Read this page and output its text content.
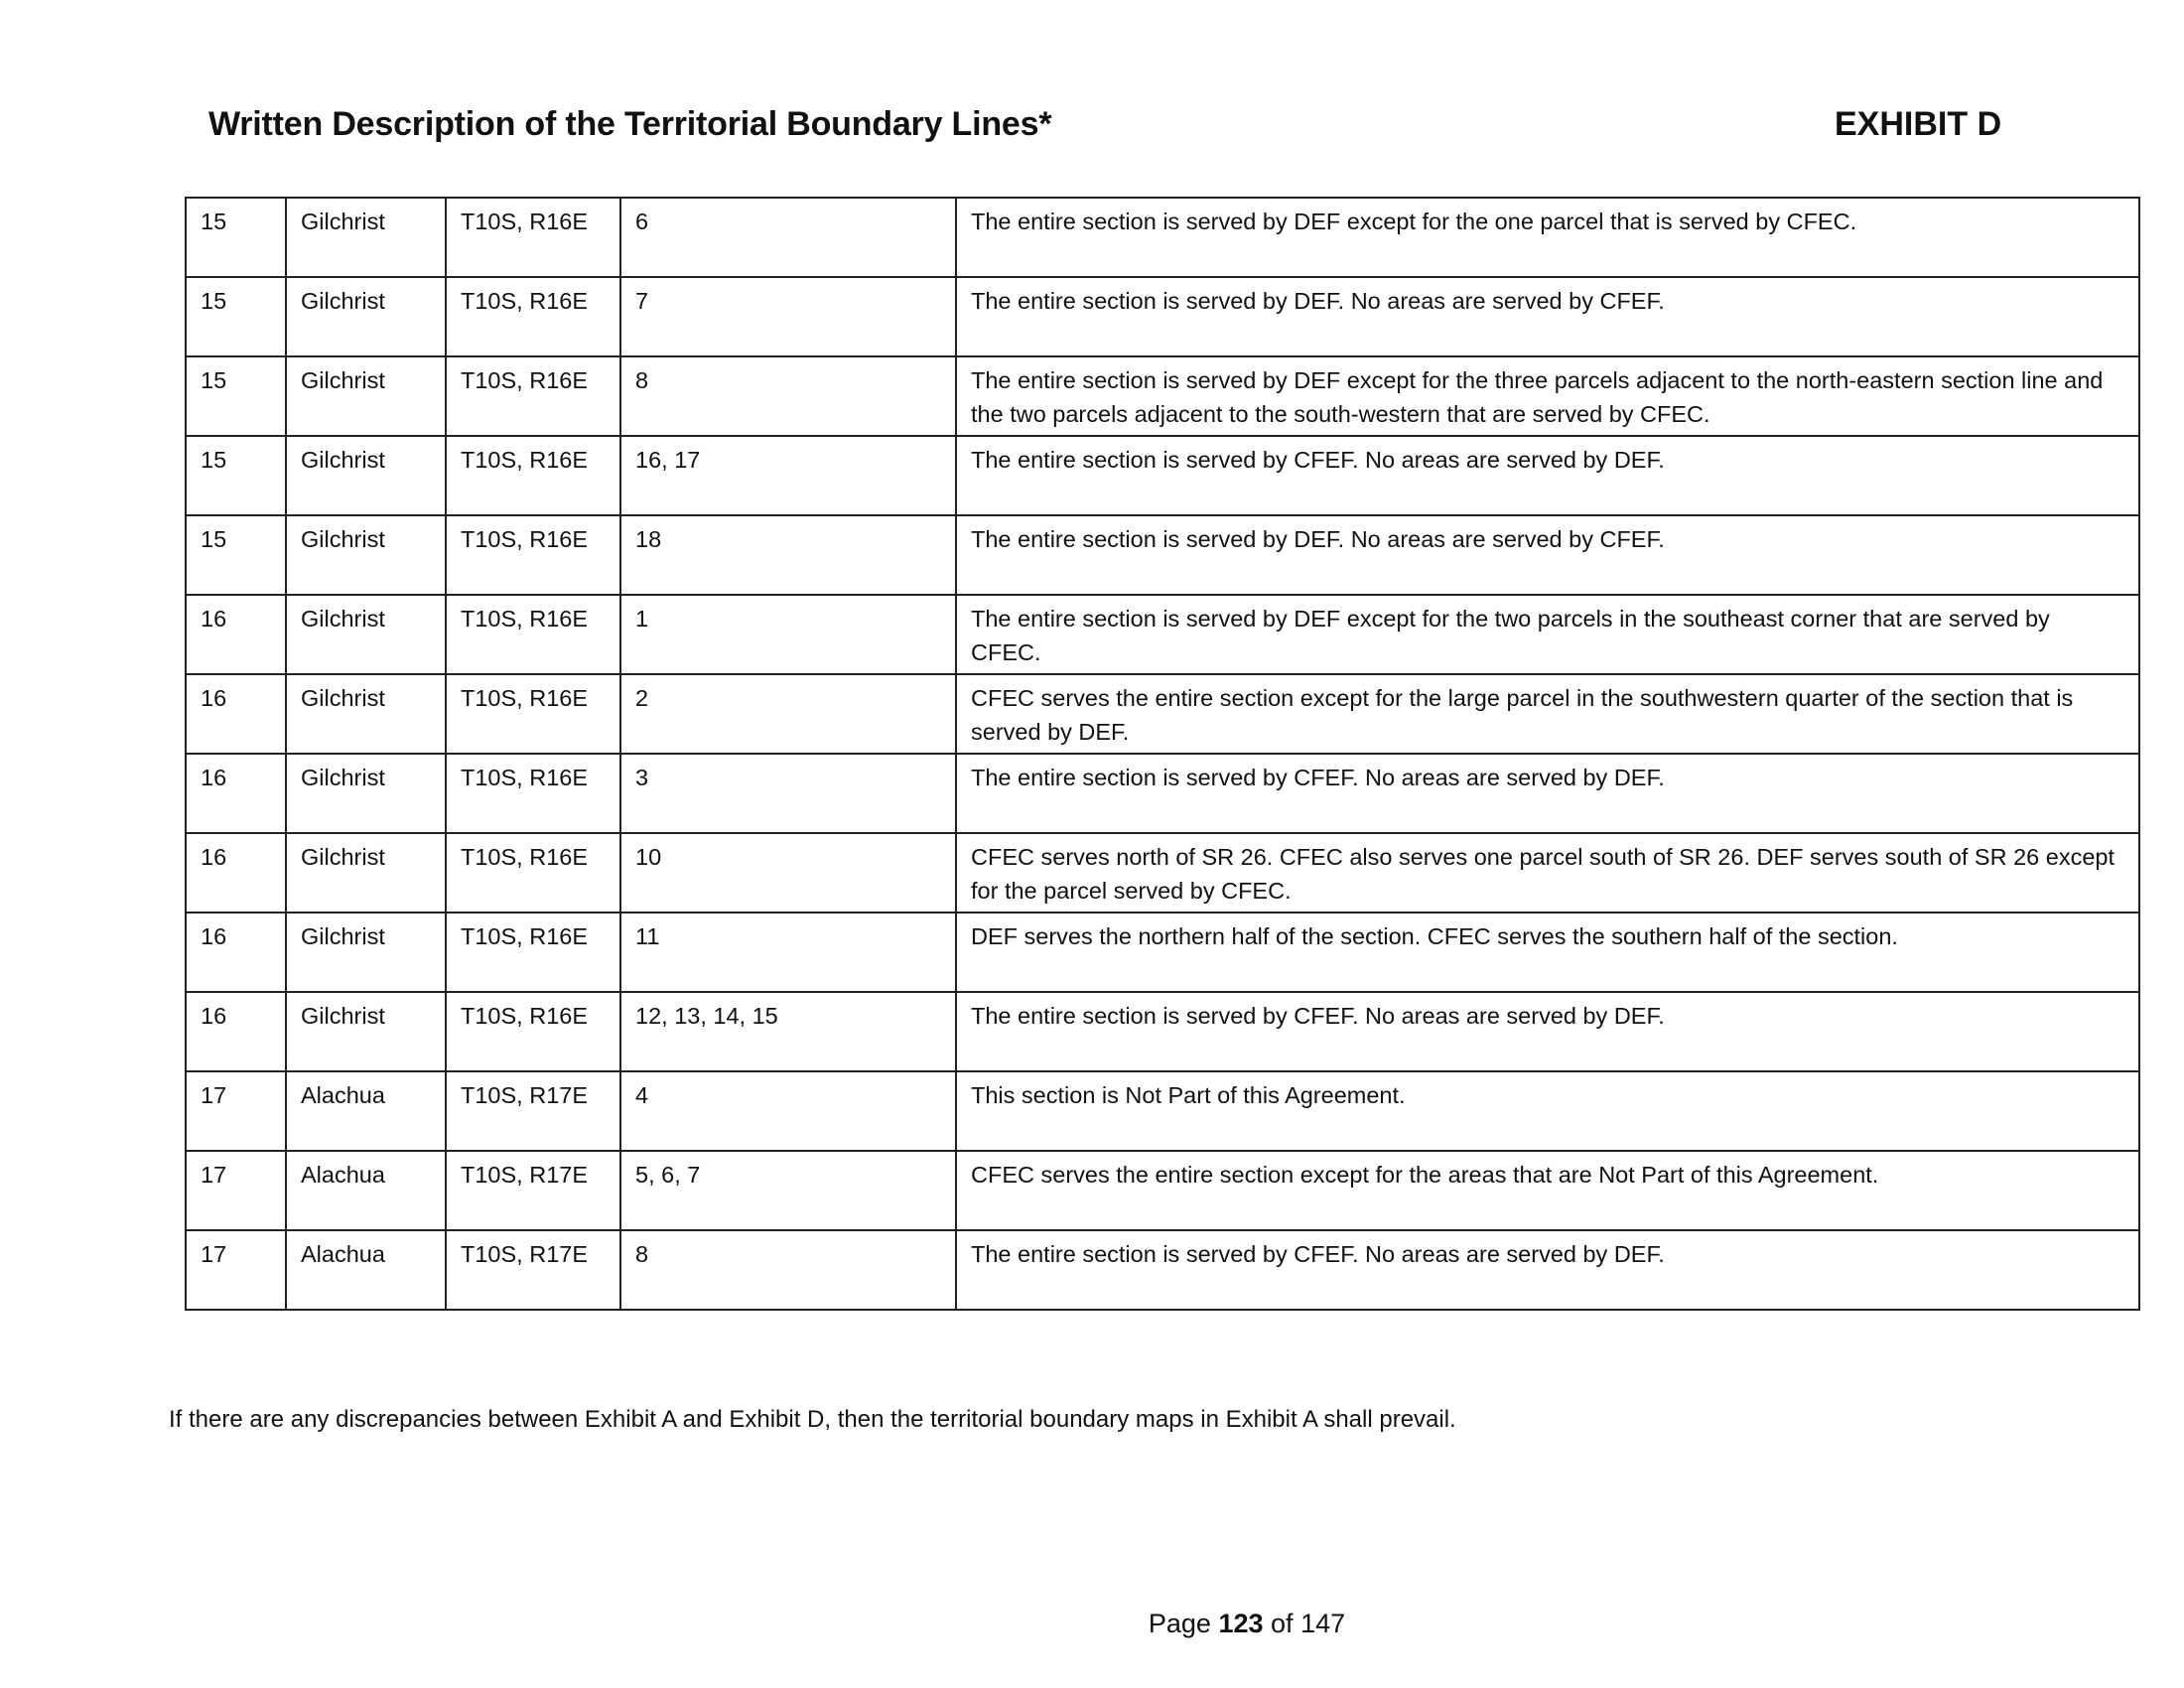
Written Description of the Territorial Boundary Lines*	EXHIBIT D
15	Gilchrist	T10S, R16E	6	The entire section is served by DEF except for the one parcel that is served by CFEC.
15	Gilchrist	T10S, R16E	7	The entire section is served by DEF. No areas are served by CFEF.
15	Gilchrist	T10S, R16E	8	The entire section is served by DEF except for the three parcels adjacent to the north-eastern section line and the two parcels adjacent to the south-western that are served by CFEC.
15	Gilchrist	T10S, R16E	16, 17	The entire section is served by CFEF. No areas are served by DEF.
15	Gilchrist	T10S, R16E	18	The entire section is served by DEF. No areas are served by CFEF.
16	Gilchrist	T10S, R16E	1	The entire section is served by DEF except for the two parcels in the southeast corner that are served by CFEC.
16	Gilchrist	T10S, R16E	2	CFEC serves the entire section except for the large parcel in the southwestern quarter of the section that is served by DEF.
16	Gilchrist	T10S, R16E	3	The entire section is served by CFEF. No areas are served by DEF.
16	Gilchrist	T10S, R16E	10	CFEC serves north of SR 26. CFEC also serves one parcel south of SR 26. DEF serves south of SR 26 except for the parcel served by CFEC.
16	Gilchrist	T10S, R16E	11	DEF serves the northern half of the section. CFEC serves the southern half of the section.
16	Gilchrist	T10S, R16E	12, 13, 14, 15	The entire section is served by CFEF. No areas are served by DEF.
17	Alachua	T10S, R17E	4	This section is Not Part of this Agreement.
17	Alachua	T10S, R17E	5, 6, 7	CFEC serves the entire section except for the areas that are Not Part of this Agreement.
17	Alachua	T10S, R17E	8	The entire section is served by CFEF. No areas are served by DEF.
If there are any discrepancies between Exhibit A and Exhibit D, then the territorial boundary maps in Exhibit A shall prevail.
Page 123 of 147
